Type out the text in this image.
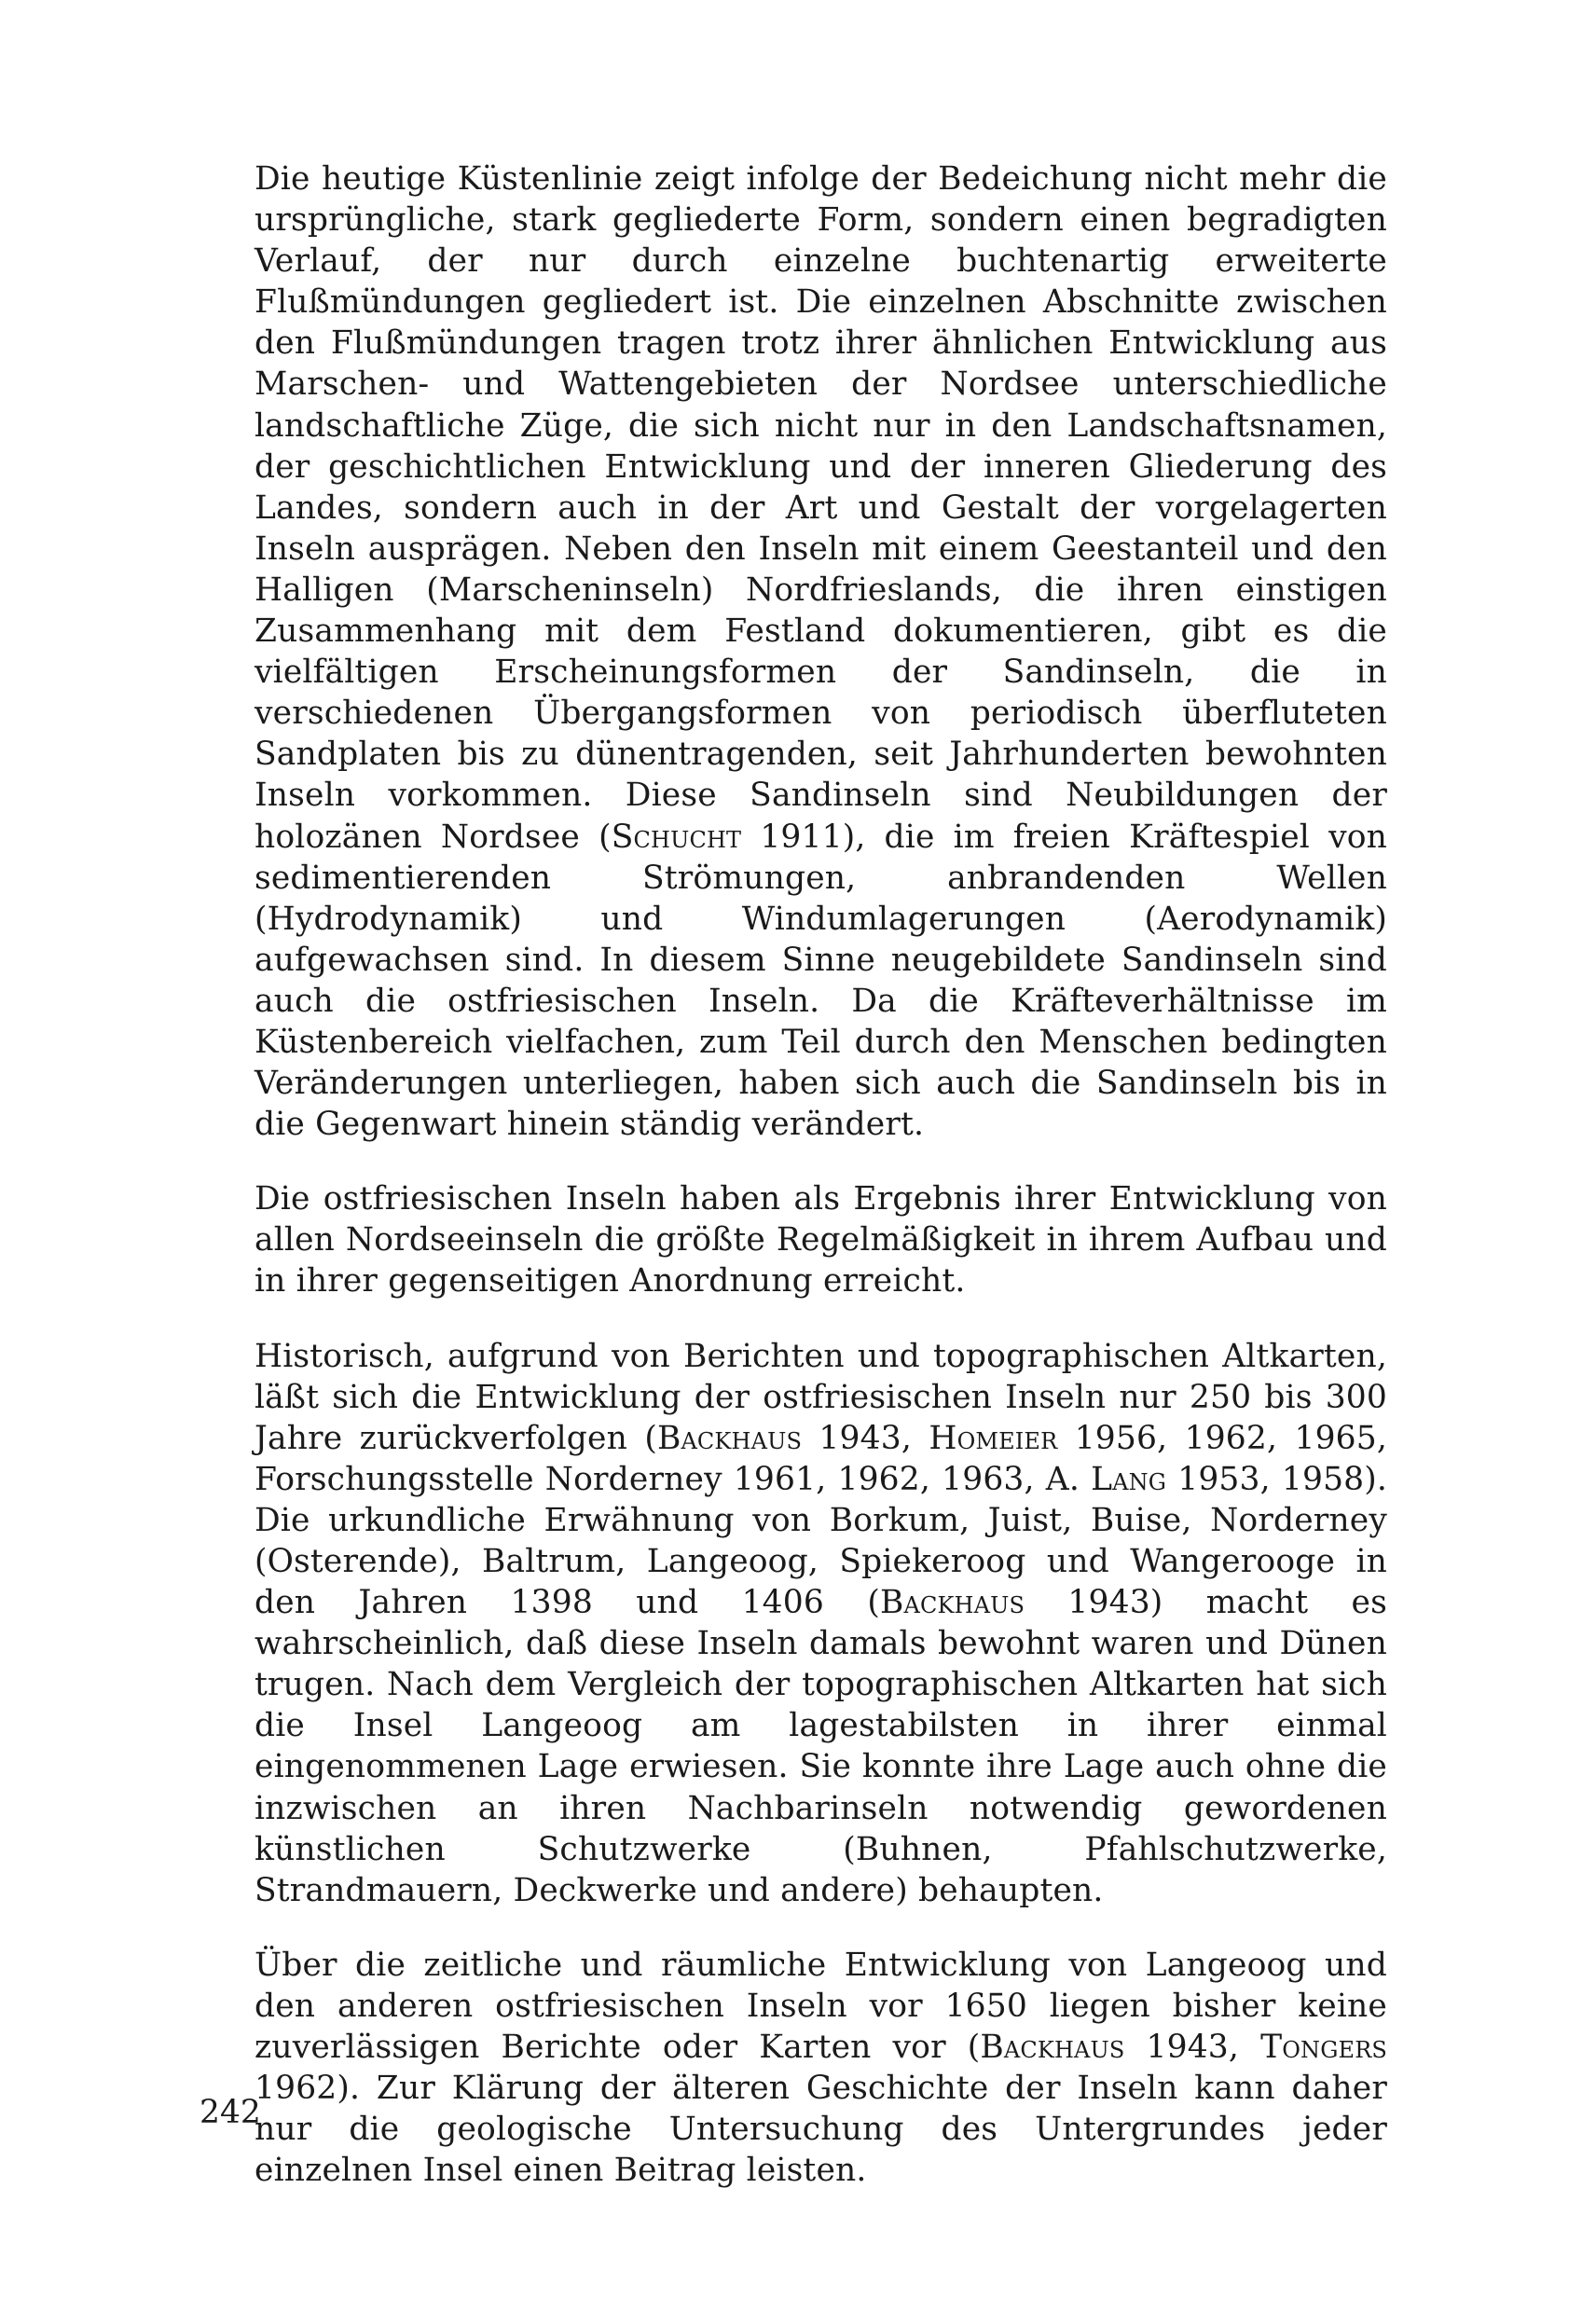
Die heutige Küstenlinie zeigt infolge der Bedeichung nicht mehr die ursprüngliche, stark gegliederte Form, sondern einen begradigten Verlauf, der nur durch einzelne buchtenartig erweiterte Flußmündungen gegliedert ist. Die einzelnen Abschnitte zwischen den Flußmündungen tragen trotz ihrer ähnlichen Entwicklung aus Marschen- und Wattengebieten der Nordsee unterschiedliche landschaftliche Züge, die sich nicht nur in den Landschaftsnamen, der geschichtlichen Entwicklung und der inneren Gliederung des Landes, sondern auch in der Art und Gestalt der vorgelagerten Inseln ausprägen. Neben den Inseln mit einem Geestanteil und den Halligen (Marscheninseln) Nordfrieslands, die ihren einstigen Zusammenhang mit dem Festland dokumentieren, gibt es die vielfältigen Erscheinungsformen der Sandinseln, die in verschiedenen Übergangsformen von periodisch überfluteten Sandplaten bis zu dünentragenden, seit Jahrhunderten bewohnten Inseln vorkommen. Diese Sandinseln sind Neubildungen der holozänen Nordsee (Schucht 1911), die im freien Kräftespiel von sedimentierenden Strömungen, anbrandenden Wellen (Hydrodynamik) und Windumlagerungen (Aerodynamik) aufgewachsen sind. In diesem Sinne neugebildete Sandinseln sind auch die ostfriesischen Inseln. Da die Kräfteverhältnisse im Küstenbereich vielfachen, zum Teil durch den Menschen bedingten Veränderungen unterliegen, haben sich auch die Sandinseln bis in die Gegenwart hinein ständig verändert.

Die ostfriesischen Inseln haben als Ergebnis ihrer Entwicklung von allen Nordseeinseln die größte Regelmäßigkeit in ihrem Aufbau und in ihrer gegenseitigen Anordnung erreicht.

Historisch, aufgrund von Berichten und topographischen Altkarten, läßt sich die Entwicklung der ostfriesischen Inseln nur 250 bis 300 Jahre zurückverfolgen (Backhaus 1943, Homeier 1956, 1962, 1965, Forschungsstelle Norderney 1961, 1962, 1963, A. Lang 1953, 1958). Die urkundliche Erwähnung von Borkum, Juist, Buise, Norderney (Osterende), Baltrum, Langeoog, Spiekeroog und Wangerooge in den Jahren 1398 und 1406 (Backhaus 1943) macht es wahrscheinlich, daß diese Inseln damals bewohnt waren und Dünen trugen. Nach dem Vergleich der topographischen Altkarten hat sich die Insel Langeoog am lagestabilsten in ihrer einmal eingenommenen Lage erwiesen. Sie konnte ihre Lage auch ohne die inzwischen an ihren Nachbarinseln notwendig gewordenen künstlichen Schutzwerke (Buhnen, Pfahlschutzwerke, Strandmauern, Deckwerke und andere) behaupten.

Über die zeitliche und räumliche Entwicklung von Langeoog und den anderen ostfriesischen Inseln vor 1650 liegen bisher keine zuverlässigen Berichte oder Karten vor (Backhaus 1943, Tongers 1962). Zur Klärung der älteren Geschichte der Inseln kann daher nur die geologische Untersuchung des Untergrundes jeder einzelnen Insel einen Beitrag leisten.

242
